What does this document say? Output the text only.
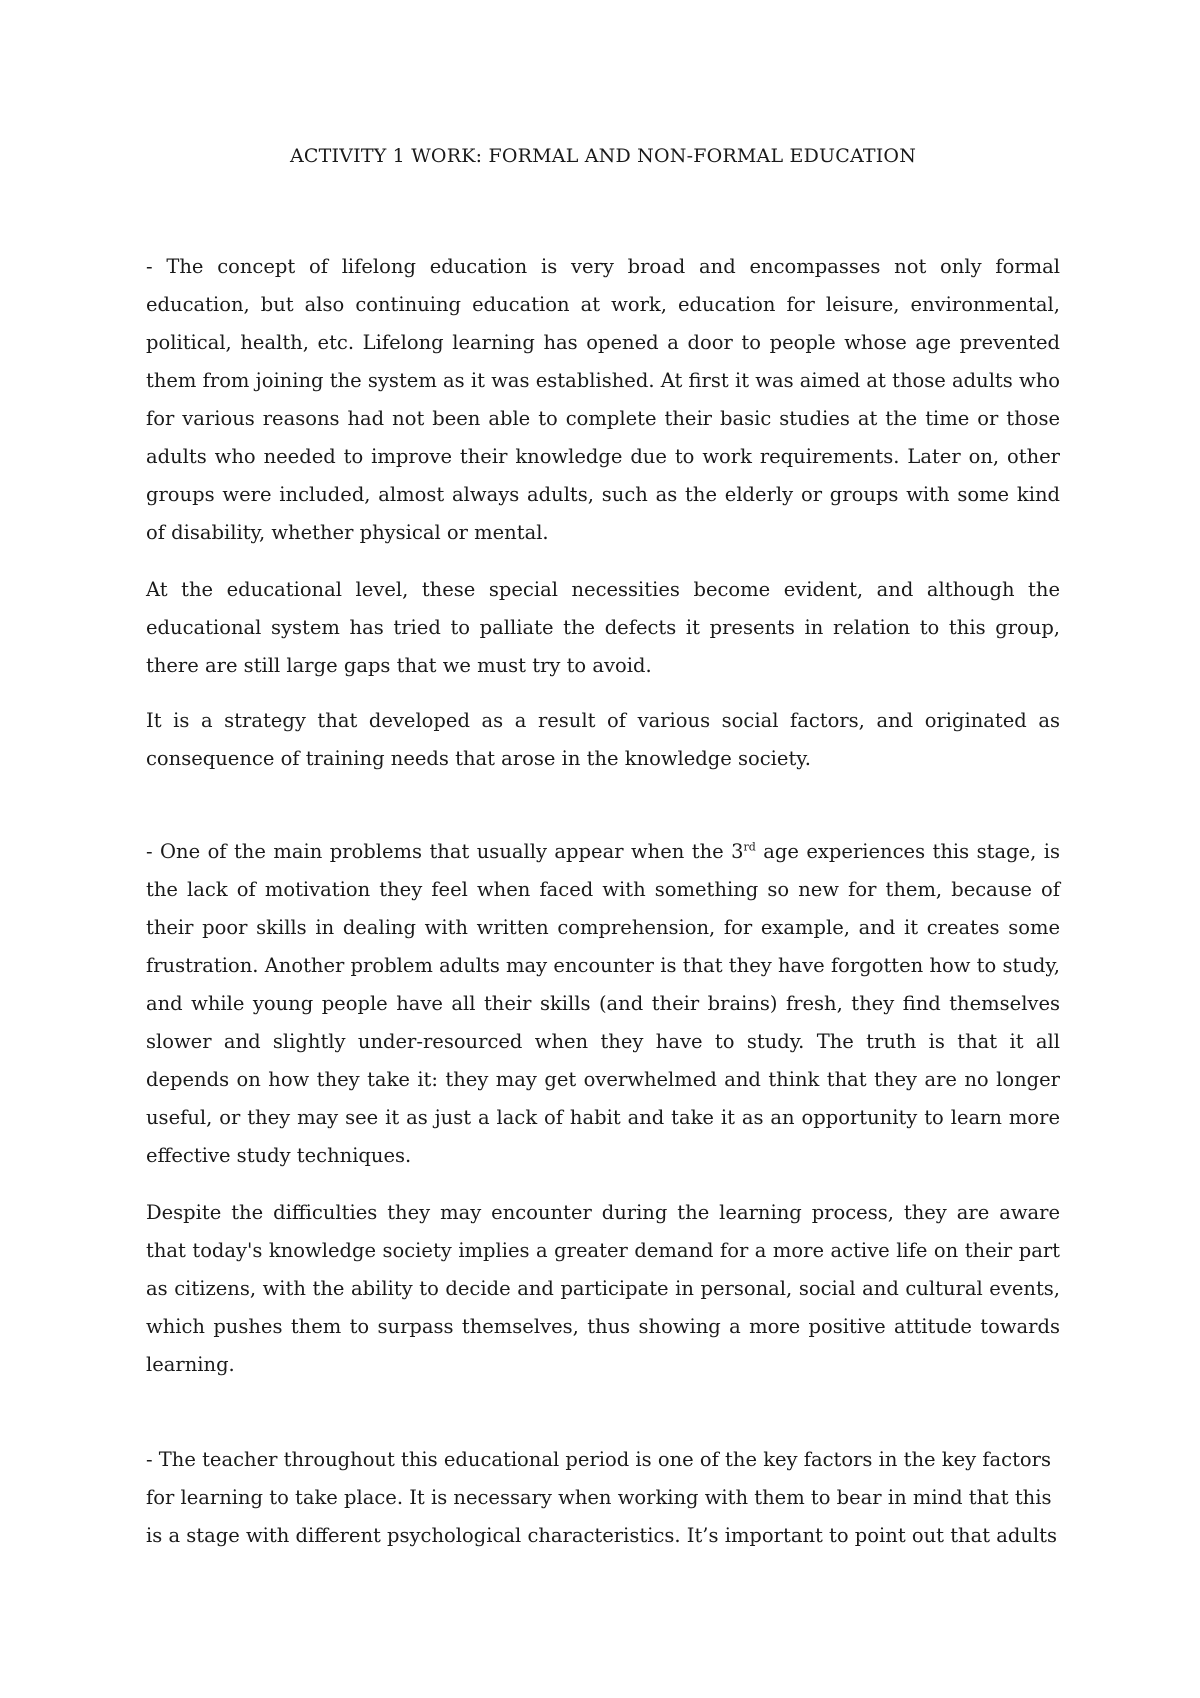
ACTIVITY 1 WORK: FORMAL AND NON-FORMAL EDUCATION

- The concept of lifelong education is very broad and encompasses not only formal education, but also continuing education at work, education for leisure, environmental, political, health, etc. Lifelong learning has opened a door to people whose age prevented them from joining the system as it was established. At first it was aimed at those adults who for various reasons had not been able to complete their basic studies at the time or those adults who needed to improve their knowledge due to work requirements. Later on, other groups were included, almost always adults, such as the elderly or groups with some kind of disability, whether physical or mental.

At the educational level, these special necessities become evident, and although the educational system has tried to palliate the defects it presents in relation to this group, there are still large gaps that we must try to avoid.

It is a strategy that developed as a result of various social factors, and originated as consequence of training needs that arose in the knowledge society.

- One of the main problems that usually appear when the 3rd age experiences this stage, is the lack of motivation they feel when faced with something so new for them, because of their poor skills in dealing with written comprehension, for example, and it creates some frustration. Another problem adults may encounter is that they have forgotten how to study, and while young people have all their skills (and their brains) fresh, they find themselves slower and slightly under-resourced when they have to study. The truth is that it all depends on how they take it: they may get overwhelmed and think that they are no longer useful, or they may see it as just a lack of habit and take it as an opportunity to learn more effective study techniques.

Despite the difficulties they may encounter during the learning process, they are aware that today's knowledge society implies a greater demand for a more active life on their part as citizens, with the ability to decide and participate in personal, social and cultural events, which pushes them to surpass themselves, thus showing a more positive attitude towards learning.

- The teacher throughout this educational period is one of the key factors in the key factors for learning to take place. It is necessary when working with them to bear in mind that this is a stage with different psychological characteristics. It’s important to point out that adults
